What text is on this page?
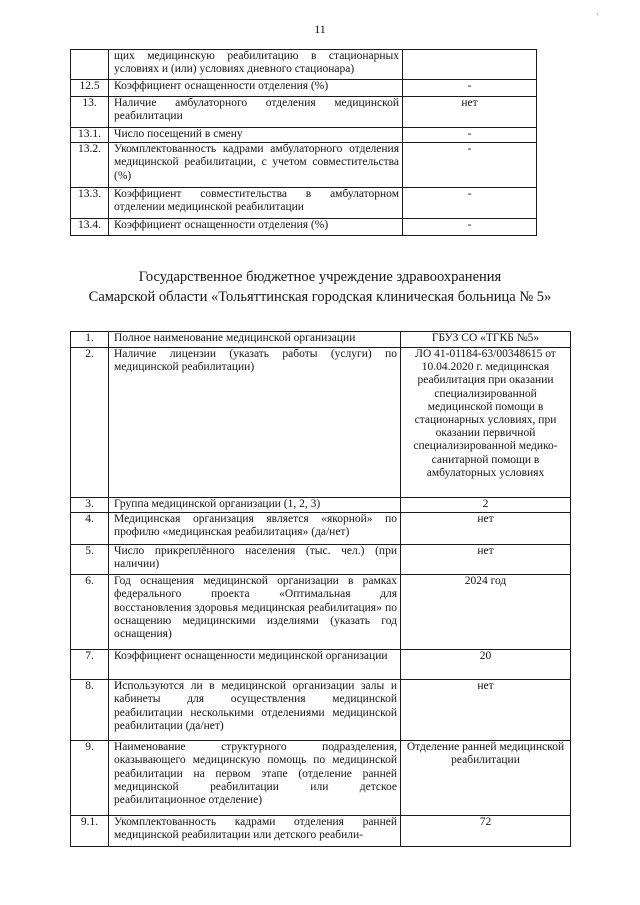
11
`
	щих медицинскую реабилитацию в стационарных условиях и (или) условиях дневного стационара)	
12.5	Коэффициент оснащенности отделения (%)	-
13.	Наличие амбулаторного отделения медицинской реабилитации	нет
13.1.	Число посещений в смену	-
13.2.	Укомплектованность кадрами амбулаторного отделения медицинской реабилитации, с учетом совместительства (%)	-
13.3.	Коэффициент совместительства в амбулаторном отделении медицинской реабилитации	-
13.4.	Коэффициент оснащенности отделения (%)	-
Государственное бюджетное учреждение здравоохранения
Самарской области «Тольяттинская городская клиническая больница № 5»
1.	Полное наименование медицинской организации	ГБУЗ СО «ТГКБ №5»
2.	Наличие лицензии (указать работы (услуги) по медицинской реабилитации)	ЛО 41-01184-63/00348615 от 10.04.2020 г. медицинская реабилитация при оказании специализированной медицинской помощи в стационарных условиях, при оказании первичной специализированной медико-санитарной помощи в амбулаторных условиях
3.	Группа медицинской организации (1, 2, 3)	2
4.	Медицинская организация является «якорной» по профилю «медицинская реабилитация» (да/нет)	нет
5.	Число прикреплённого населения (тыс. чел.) (при наличии)	нет
6.	Год оснащения медицинской организации в рамках федерального проекта «Оптимальная для восстановления здоровья медицинская реабилитация» по оснащению медицинскими изделиями (указать год оснащения)	2024 год
7.	Коэффициент оснащенности медицинской организации	20
8.	Используются ли в медицинской организации залы и кабинеты для осуществления медицинской реабилитации несколькими отделениями медицинской реабилитации (да/нет)	нет
9.	Наименование структурного подразделения, оказывающего медицинскую помощь по медицинской реабилитации на первом этапе (отделение ранней медицинской реабилитации или детское реабилитационное отделение)	Отделение ранней медицинской реабилитации
9.1.	Укомплектованность кадрами отделения ранней медицинской реабилитации или детского реабили-	72
